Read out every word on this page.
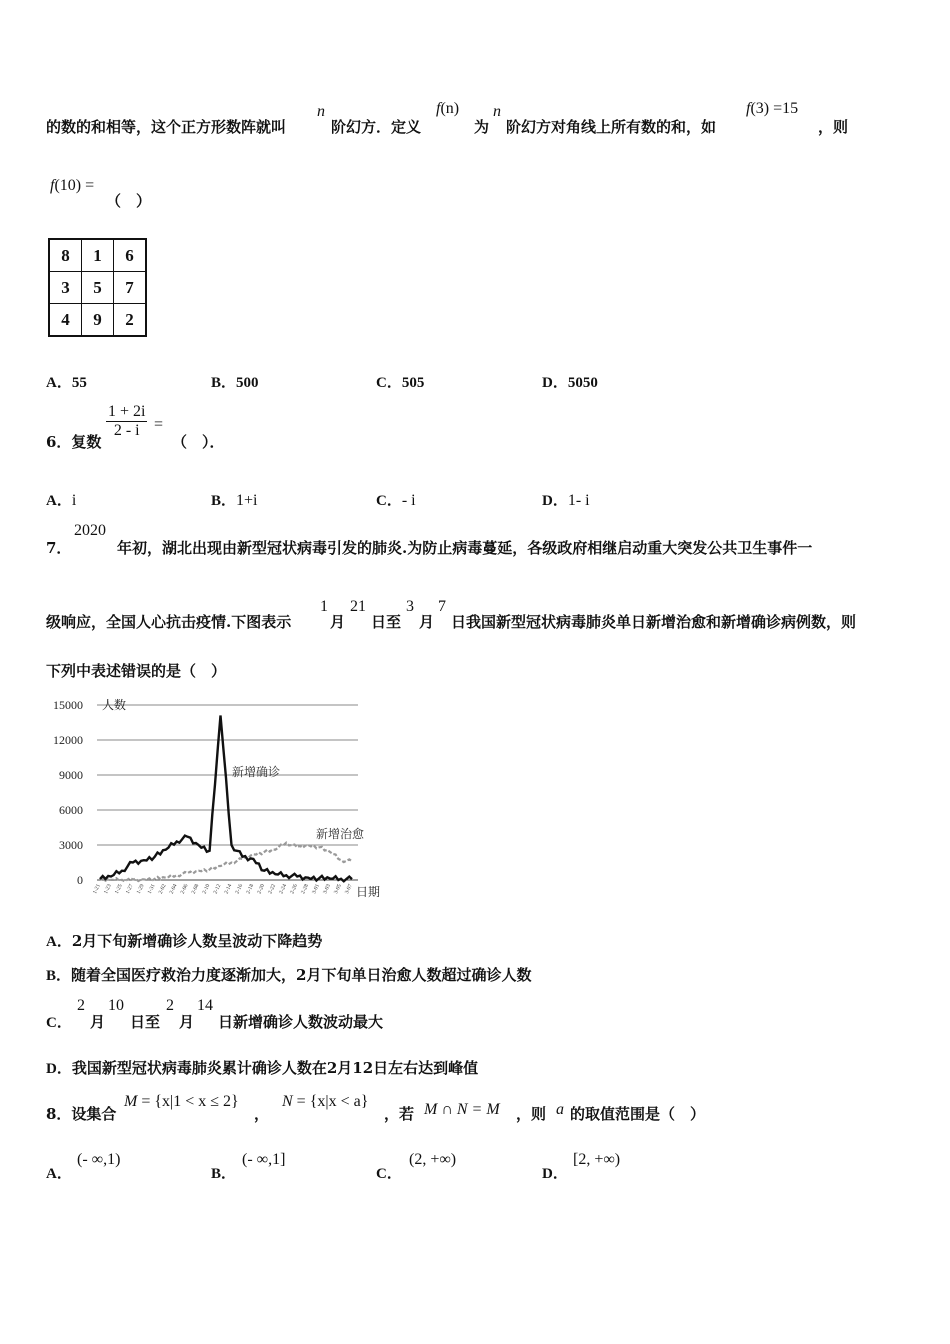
的数的和相等，这个正方形数阵就叫
n
阶幻方．定义
f(n)
为
n
阶幻方对角线上所有数的和，如
f(3) =15
，则
f(10) =
（　）
8	1	6
3	5	7
4	9	2
A．55	B．500	C．505	D．5050
6．复数
$\frac{1 + 2i}{2 - i}$ =
（　）．
A．i	B．1+i	C．- i	D．1- i
7．
2020
年初，湖北出现由新型冠状病毒引发的肺炎.为防止病毒蔓延，各级政府相继启动重大突发公共卫生事件一
级响应，全国人心抗击疫情.下图表示
1
月
21
日至
3
月
7
日我国新型冠状病毒肺炎单日新增治愈和新增确诊病例数，则
下列中表述错误的是（　）
15000
12000
9000
6000
3000
0
1-21 1-23 1-25 1-27 1-29 1-31 2-02 2-04 2-06 2-08 2-10 2-12 2-14 2-16 2-18 2-20 2-22 2-24 2-26 2-28 3-01 3-03 3-05 3-07
人数
日期
新增确诊
新增治愈
A．2月下旬新增确诊人数呈波动下降趋势
B．随着全国医疗救治力度逐渐加大，2月下旬单日治愈人数超过确诊人数
C．
2
月
10
日至
2
月
14
日新增确诊人数波动最大
D．我国新型冠状病毒肺炎累计确诊人数在2月12日左右达到峰值
8．设集合
M = {x|1 < x ≤ 2}
，
N = {x|x < a}
，若 M ∩ N = M ，则 a 的取值范围是（　）
A．
(- ∞,1)
B．
(- ∞,1]
C．
(2, +∞)
D．
[2, +∞)
